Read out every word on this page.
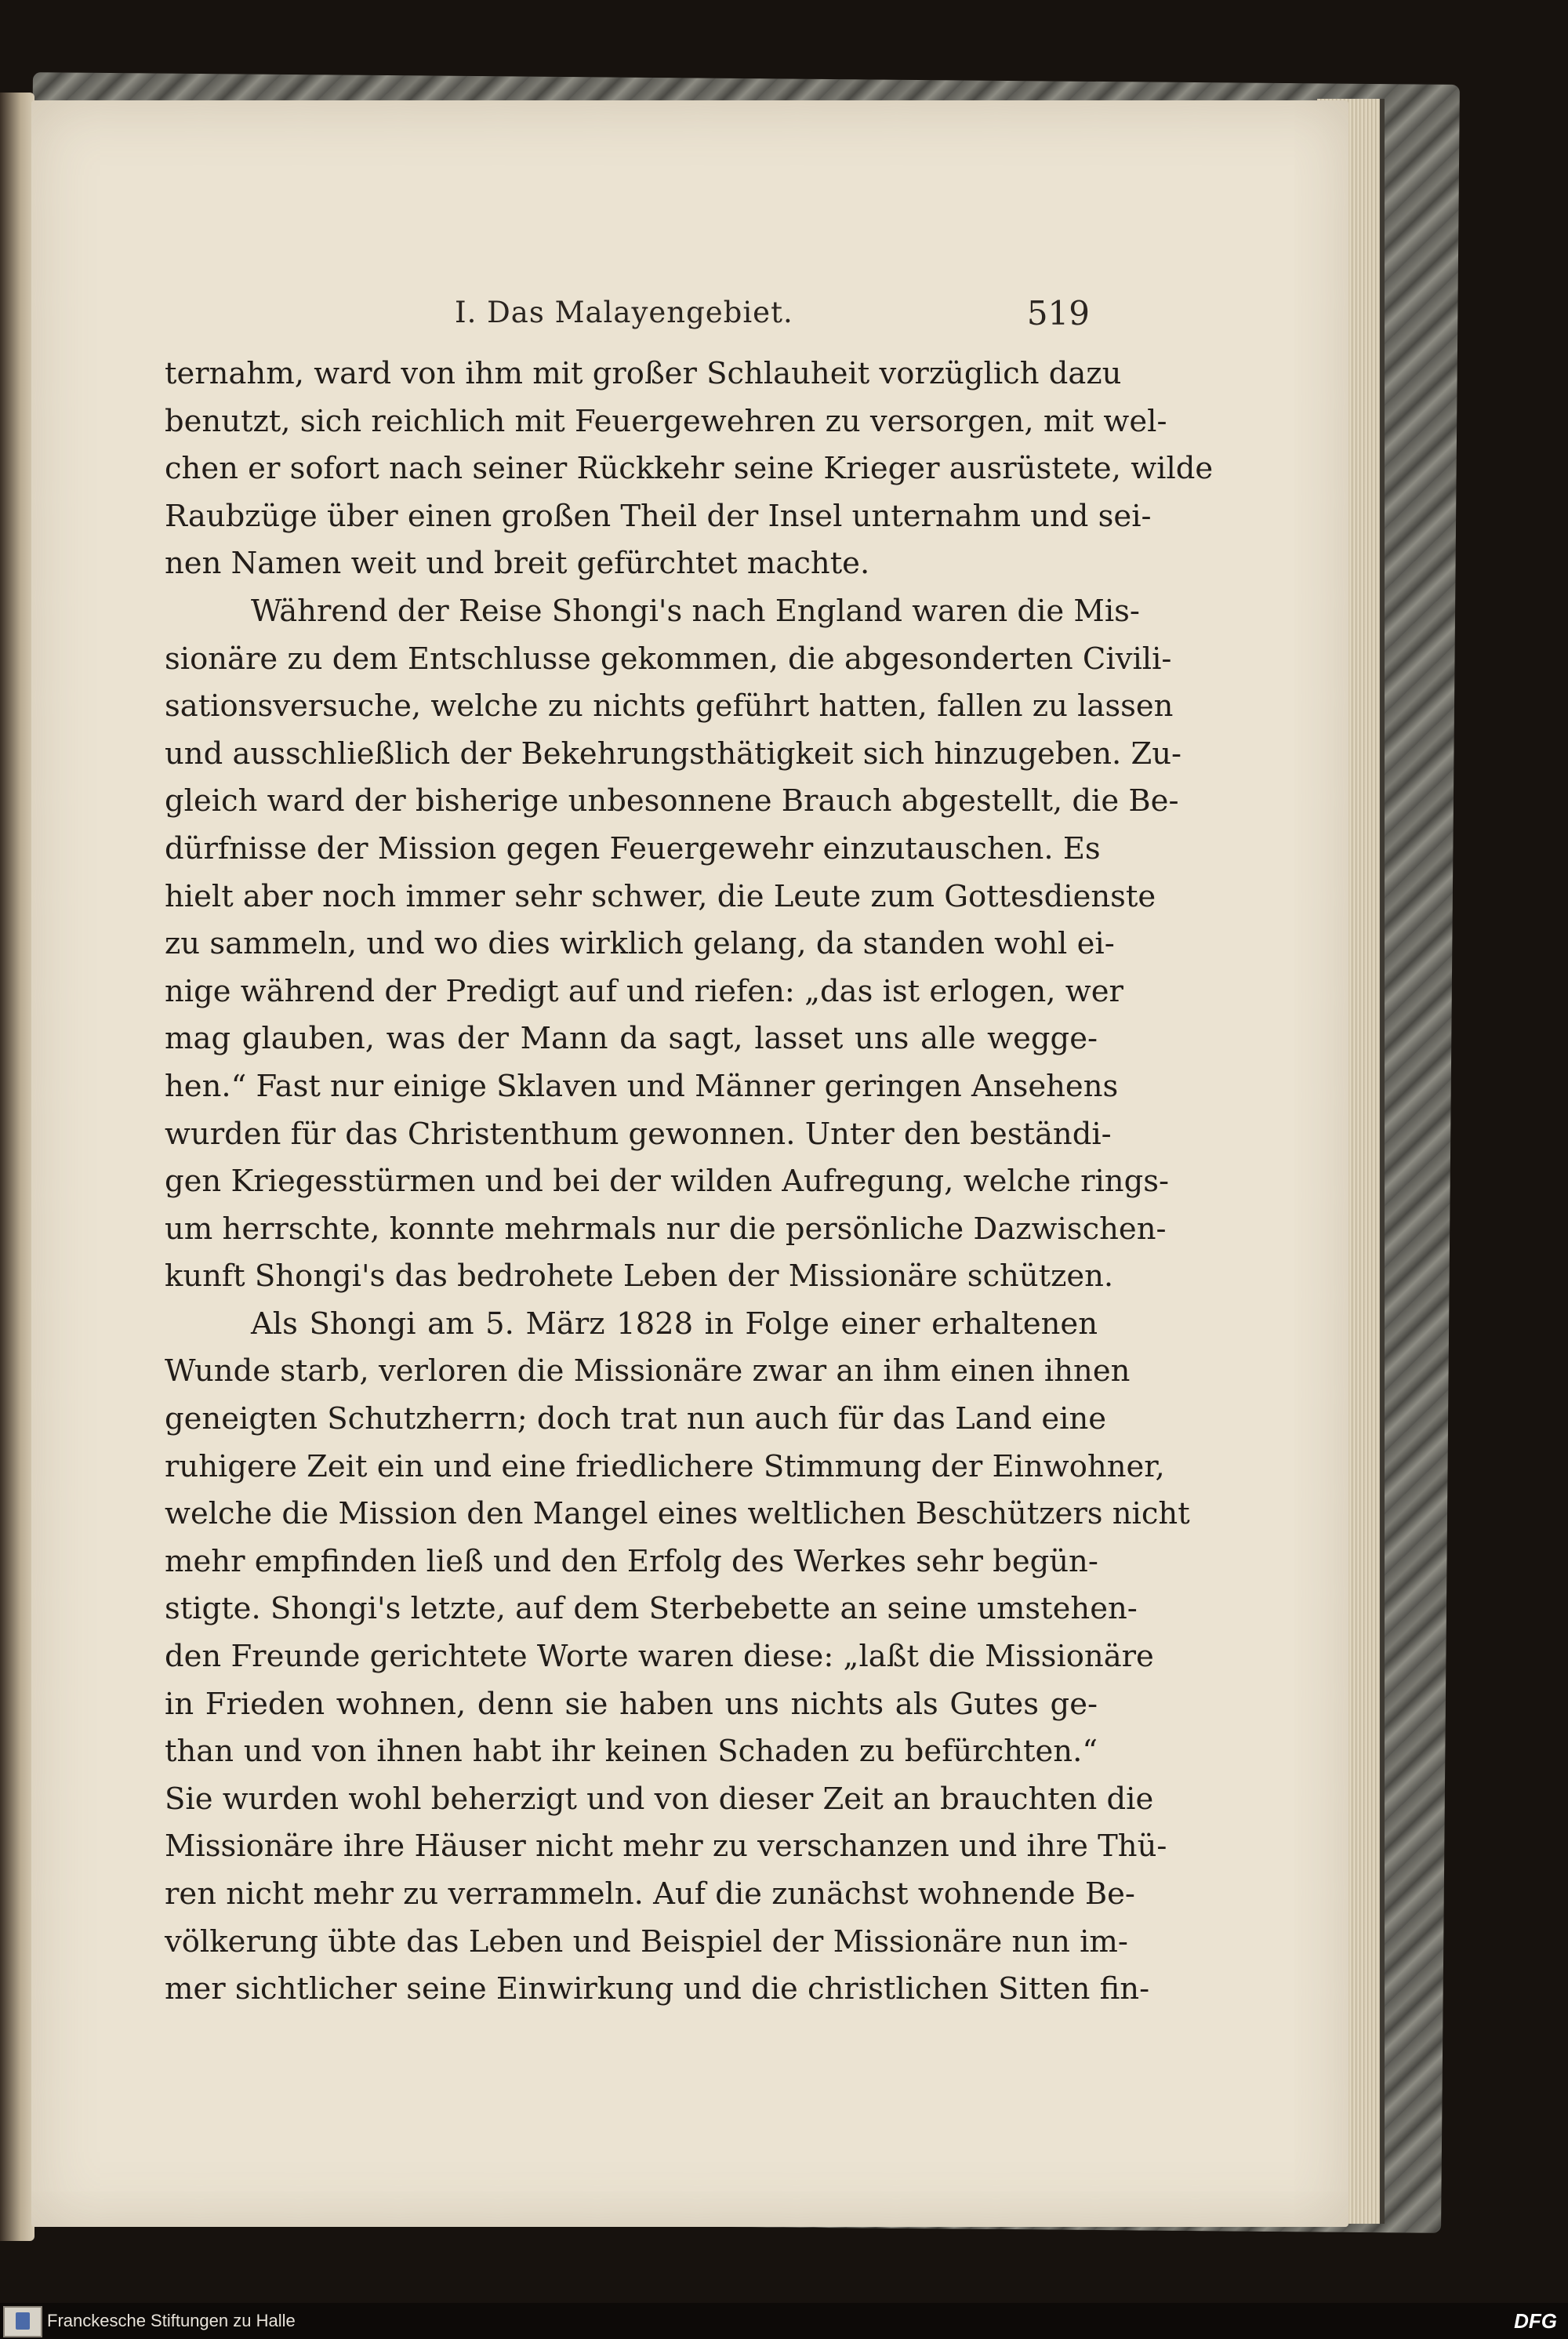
I. Das Malayengebiet.	519
ternahm, ward von ihm mit großer Schlauheit vorzüglich dazu
benutzt, sich reichlich mit Feuergewehren zu versorgen, mit wel-
chen er sofort nach seiner Rückkehr seine Krieger ausrüstete, wilde
Raubzüge über einen großen Theil der Insel unternahm und sei-
nen Namen weit und breit gefürchtet machte.
Während der Reise Shongi's nach England waren die Mis-
sionäre zu dem Entschlusse gekommen, die abgesonderten Civili-
sationsversuche, welche zu nichts geführt hatten, fallen zu lassen
und ausschließlich der Bekehrungsthätigkeit sich hinzugeben. Zu-
gleich ward der bisherige unbesonnene Brauch abgestellt, die Be-
dürfnisse der Mission gegen Feuergewehr einzutauschen. Es
hielt aber noch immer sehr schwer, die Leute zum Gottesdienste
zu sammeln, und wo dies wirklich gelang, da standen wohl ei-
nige während der Predigt auf und riefen: „das ist erlogen, wer
mag glauben, was der Mann da sagt, lasset uns alle wegge-
hen.“ Fast nur einige Sklaven und Männer geringen Ansehens
wurden für das Christenthum gewonnen. Unter den beständi-
gen Kriegesstürmen und bei der wilden Aufregung, welche rings-
um herrschte, konnte mehrmals nur die persönliche Dazwischen-
kunft Shongi's das bedrohete Leben der Missionäre schützen.
Als Shongi am 5. März 1828 in Folge einer erhaltenen
Wunde starb, verloren die Missionäre zwar an ihm einen ihnen
geneigten Schutzherrn; doch trat nun auch für das Land eine
ruhigere Zeit ein und eine friedlichere Stimmung der Einwohner,
welche die Mission den Mangel eines weltlichen Beschützers nicht
mehr empfinden ließ und den Erfolg des Werkes sehr begün-
stigte. Shongi's letzte, auf dem Sterbebette an seine umstehen-
den Freunde gerichtete Worte waren diese: „laßt die Missionäre
in Frieden wohnen, denn sie haben uns nichts als Gutes ge-
than und von ihnen habt ihr keinen Schaden zu befürchten.“
Sie wurden wohl beherzigt und von dieser Zeit an brauchten die
Missionäre ihre Häuser nicht mehr zu verschanzen und ihre Thü-
ren nicht mehr zu verrammeln. Auf die zunächst wohnende Be-
völkerung übte das Leben und Beispiel der Missionäre nun im-
mer sichtlicher seine Einwirkung und die christlichen Sitten fin-
Franckesche Stiftungen zu Halle	DFG
